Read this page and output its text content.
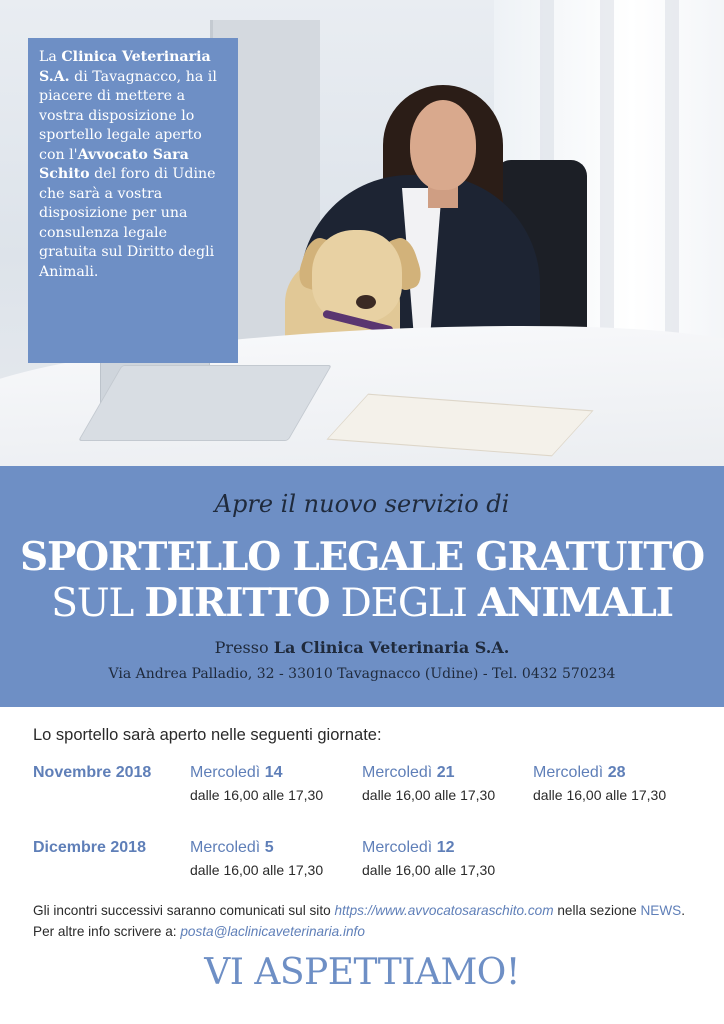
La Clinica Veterinaria S.A. di Tavagnacco, ha il piacere di mettere a vostra disposizione lo sportello legale aperto con l'Avvocato Sara Schito del foro di Udine che sarà a vostra disposizione per una consulenza legale gratuita sul Diritto degli Animali.
Apre il nuovo servizio di
SPORTELLO LEGALE GRATUITO
SUL DIRITTO DEGLI ANIMALI
Presso La Clinica Veterinaria S.A.
Via Andrea Palladio, 32 - 33010 Tavagnacco (Udine) - Tel. 0432 570234
Lo sportello sarà aperto nelle seguenti giornate:
Novembre 2018 Mercoledì 14
dalle 16,00 alle 17,30
Mercoledì 21
dalle 16,00 alle 17,30
Mercoledì 28
dalle 16,00 alle 17,30
Dicembre 2018	Mercoledì 5
dalle 16,00 alle 17,30
Mercoledì 12
dalle 16,00 alle 17,30
Gli incontri successivi saranno comunicati sul sito https://www.avvocatosaraschito.com nella sezione NEWS. Per altre info scrivere a: posta@laclinicaveterinaria.info
VI ASPETTIAMO!
